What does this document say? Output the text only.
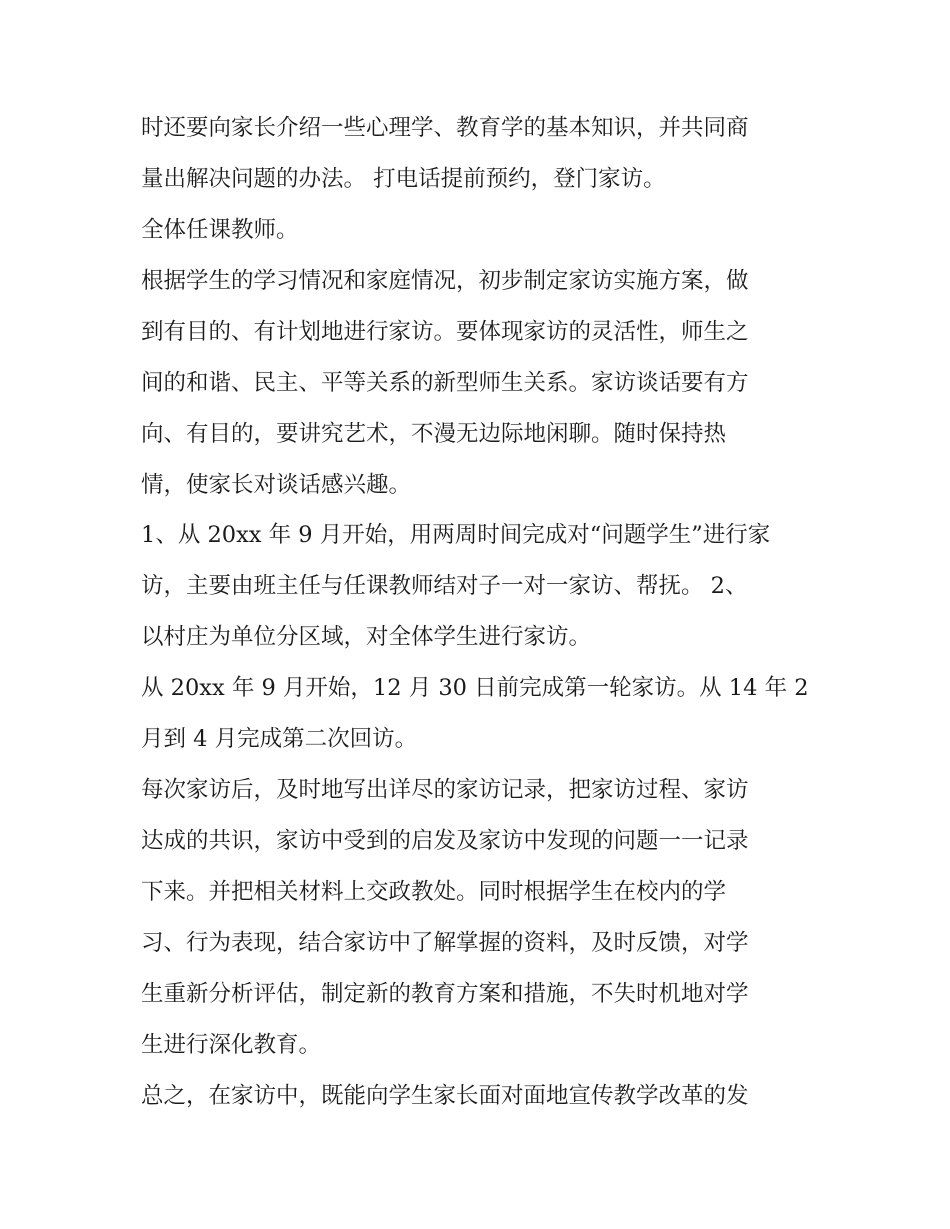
时还要向家长介绍一些心理学、教育学的基本知识，并共同商
量出解决问题的办法。 打电话提前预约，登门家访。
全体任课教师。
根据学生的学习情况和家庭情况，初步制定家访实施方案，做
到有目的、有计划地进行家访。要体现家访的灵活性，师生之
间的和谐、民主、平等关系的新型师生关系。家访谈话要有方
向、有目的，要讲究艺术，不漫无边际地闲聊。随时保持热
情，使家长对谈话感兴趣。
1、从 20xx 年 9 月开始，用两周时间完成对“问题学生”进行家
访，主要由班主任与任课教师结对子一对一家访、帮抚。 2、
以村庄为单位分区域，对全体学生进行家访。
从 20xx 年 9 月开始，12 月 30 日前完成第一轮家访。从 14 年 2
月到 4 月完成第二次回访。
每次家访后，及时地写出详尽的家访记录，把家访过程、家访
达成的共识，家访中受到的启发及家访中发现的问题一一记录
下来。并把相关材料上交政教处。同时根据学生在校内的学
习、行为表现，结合家访中了解掌握的资料，及时反馈，对学
生重新分析评估，制定新的教育方案和措施，不失时机地对学
生进行深化教育。
总之，在家访中，既能向学生家长面对面地宣传教学改革的发
